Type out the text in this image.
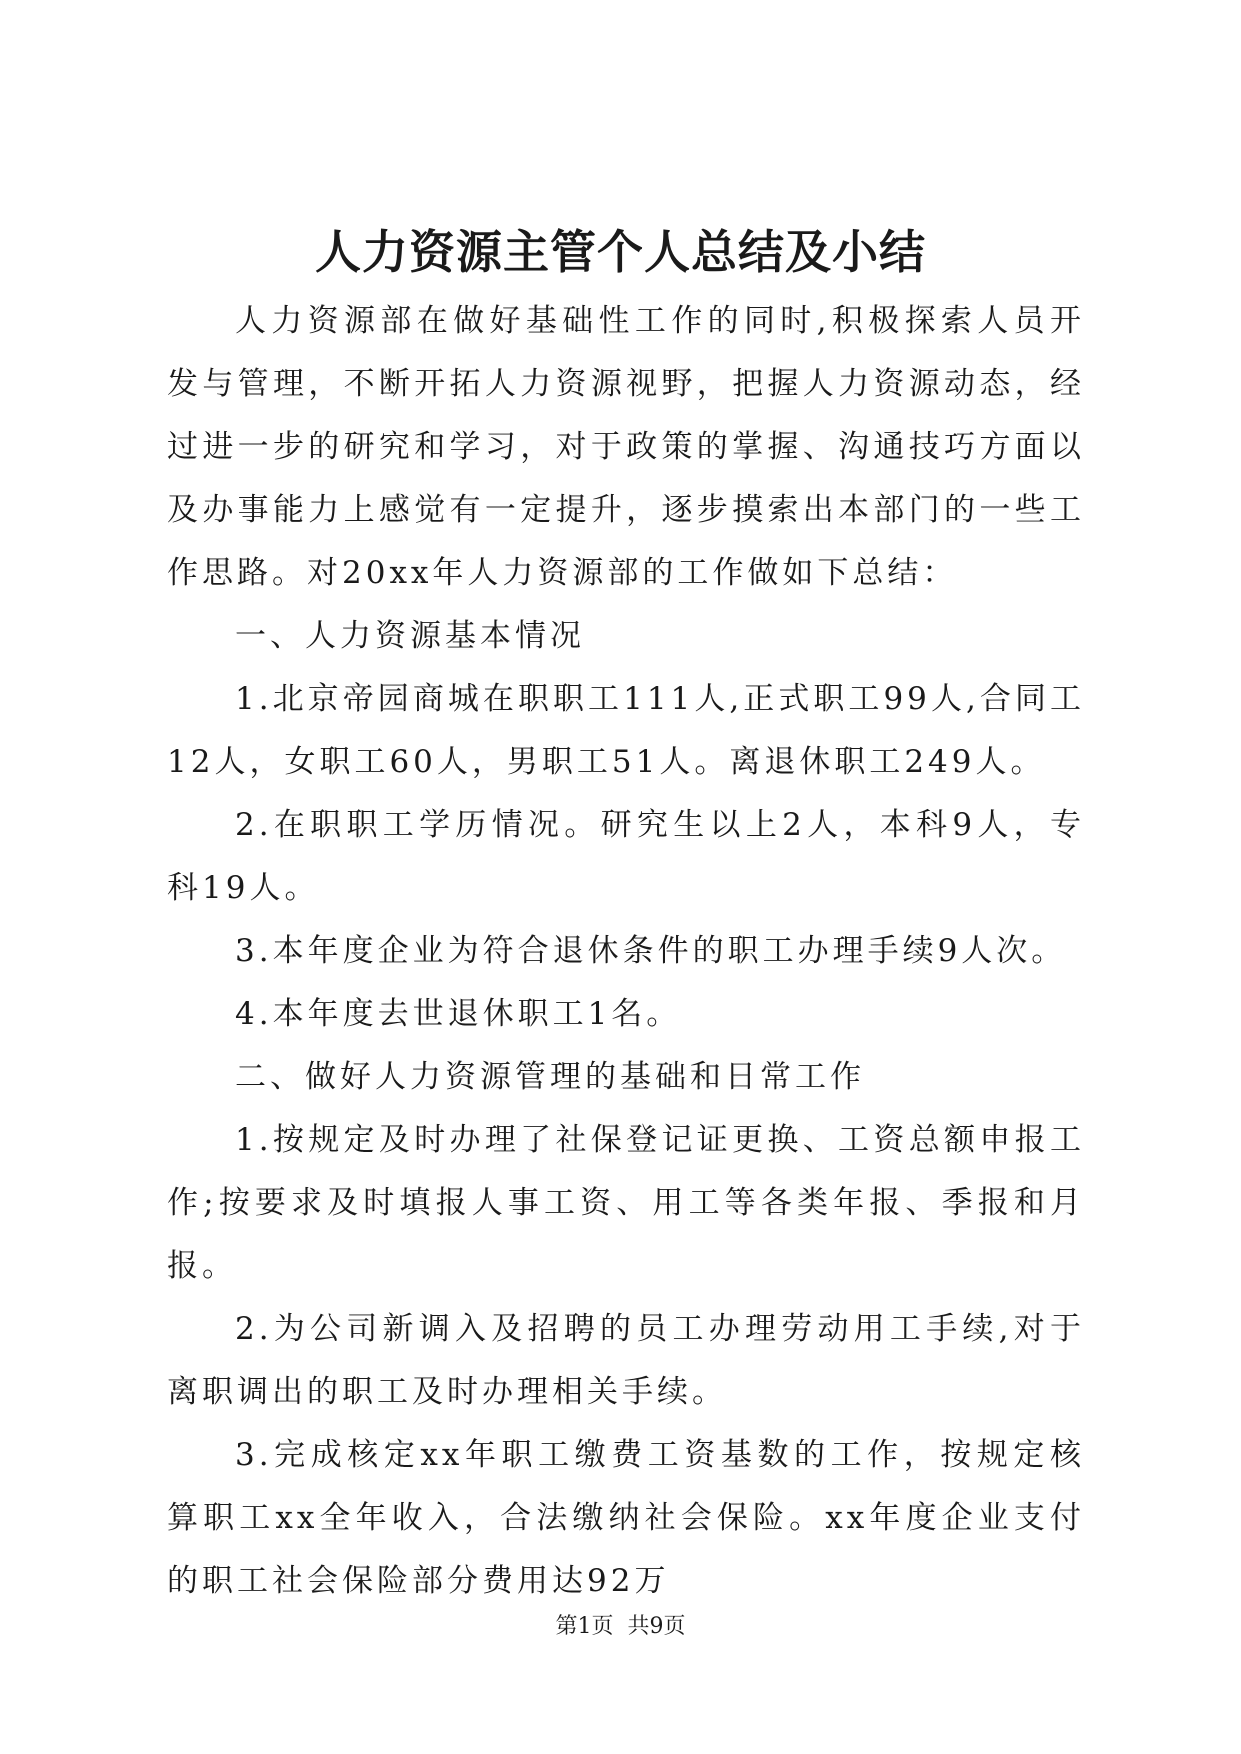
人力资源主管个人总结及小结

人力资源部在做好基础性工作的同时,积极探索人员开发与管理，不断开拓人力资源视野，把握人力资源动态，经过进一步的研究和学习，对于政策的掌握、沟通技巧方面以及办事能力上感觉有一定提升，逐步摸索出本部门的一些工作思路。对20xx年人力资源部的工作做如下总结：

一、人力资源基本情况

1.北京帝园商城在职职工111人,正式职工99人,合同工12人，女职工60人，男职工51人。离退休职工249人。

2.在职职工学历情况。研究生以上2人，本科9人，专科19人。

3.本年度企业为符合退休条件的职工办理手续9人次。

4.本年度去世退休职工1名。

二、做好人力资源管理的基础和日常工作

1.按规定及时办理了社保登记证更换、工资总额申报工作;按要求及时填报人事工资、用工等各类年报、季报和月报。

2.为公司新调入及招聘的员工办理劳动用工手续,对于离职调出的职工及时办理相关手续。

3.完成核定xx年职工缴费工资基数的工作，按规定核算职工xx全年收入，合法缴纳社会保险。xx年度企业支付的职工社会保险部分费用达92万

第1页 共9页
